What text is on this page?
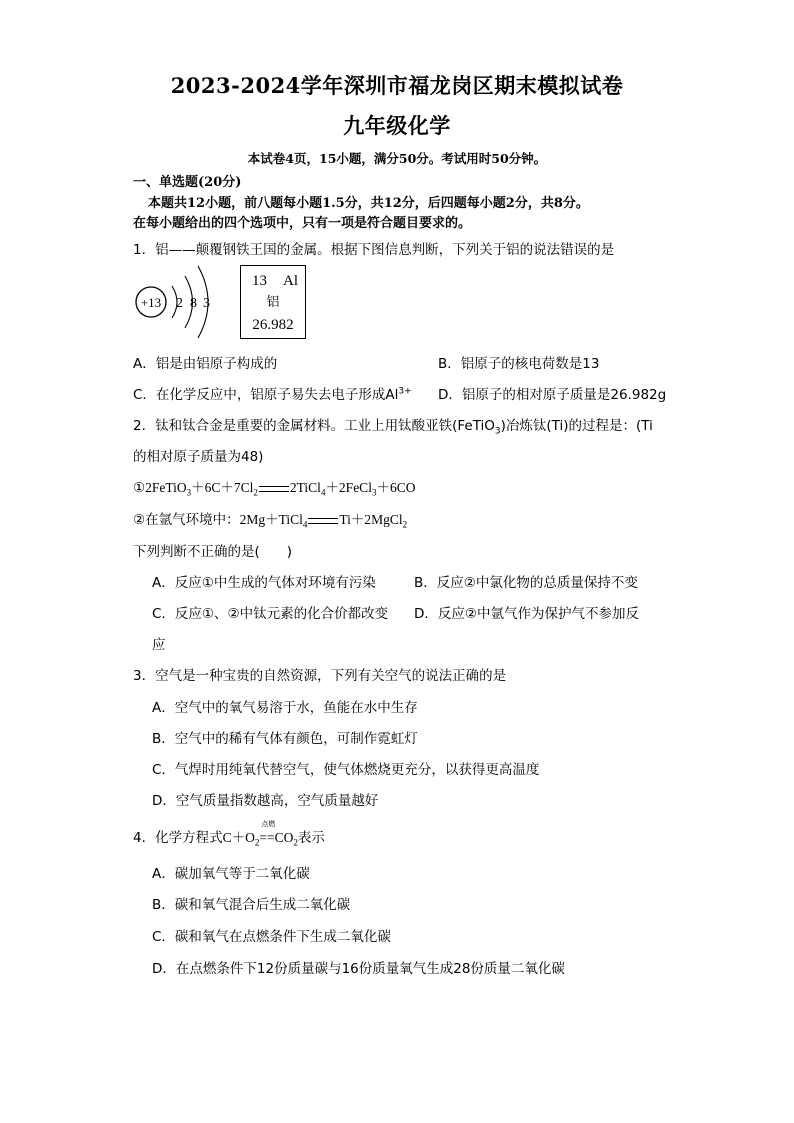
2023-2024学年深圳市福龙岗区期末模拟试卷
九年级化学
本试卷4页，15小题，满分50分。考试用时50分钟。
一、单选题(20分)
本题共12小题，前八题每小题1.5分，共12分，后四题每小题2分，共8分。
在每小题给出的四个选项中，只有一项是符合题目要求的。
1．铝——颠覆钢铁王国的金属。根据下图信息判断，下列关于铝的说法错误的是
+13 2 8 3
13 Al
铝
26.982
A．铝是由铝原子构成的	B．铝原子的核电荷数是13
C．在化学反应中，铝原子易失去电子形成$Al^{3+}$ D．铝原子的相对原子质量是26.982g
2．钛和钛合金是重要的金属材料。工业上用钛酸亚铁(FeTiO$_3$)冶炼钛(Ti)的过程是：(Ti
的相对原子质量为48)
$①2FeTiO_3+6C+7Cl_2$ 2TiCl$_4$＋2FeCl$_3$＋6CO
②在氩气环境中：2Mg＋TiCl$_4$ Ti＋2MgCl$_2$
下列判断不正确的是(　　)
A．反应①中生成的气体对环境有污染	B．反应②中氯化物的总质量保持不变
C．反应①、②中钛元素的化合价都改变 D．反应②中氩气作为保护气不参加反
应
3．空气是一种宝贵的自然资源，下列有关空气的说法正确的是
A．空气中的氧气易溶于水，鱼能在水中生存
B．空气中的稀有气体有颜色，可制作霓虹灯
C．气焊时用纯氧代替空气，使气体燃烧更充分，以获得更高温度
D．空气质量指数越高，空气质量越好
4．化学方程式$C+O_2$
点燃
$==CO_2$表示
A．碳加氧气等于二氧化碳
B．碳和氧气混合后生成二氧化碳
C．碳和氧气在点燃条件下生成二氧化碳
D．在点燃条件下12份质量碳与16份质量氧气生成28份质量二氧化碳
